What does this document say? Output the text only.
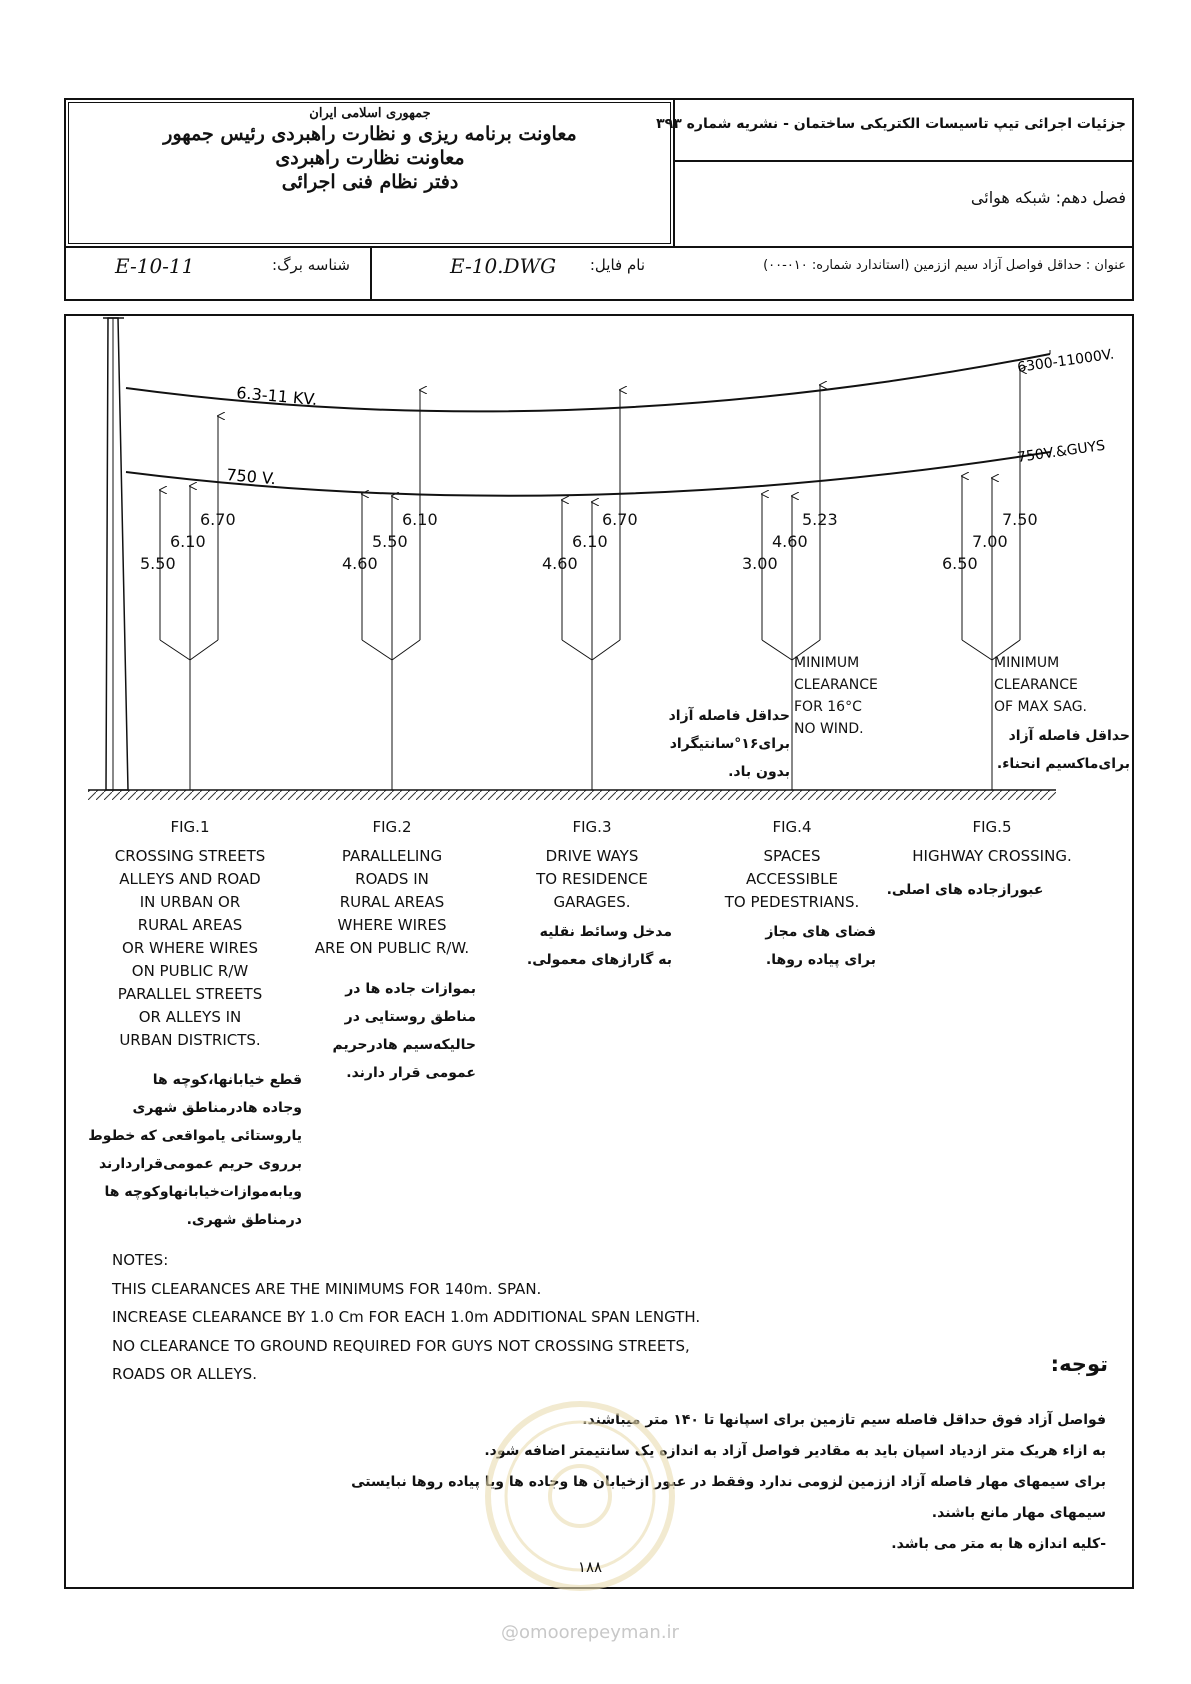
جمهوری اسلامی ایران
معاونت برنامه ریزی و نظارت راهبردی رئیس جمهور
معاونت نظارت راهبردی
دفتر نظام فنی اجرائی
جزئیات اجرائی تیپ تاسیسات الکتریکی ساختمان - نشریه شماره ۳۹۳
فصل دهم: شبکه هوائی
عنوان : حداقل فواصل آزاد سیم اززمین (استاندارد شماره: ۰۱۰-۰۰)
نام فایل:
E-10.DWG
شناسه برگ:
E-10-11
6.3-11 KV.
750 V.
6300-11000V.
750V.&GUYS
5.50
6.10
6.70
FIG.1
CROSSING STREETS
ALLEYS AND ROAD
IN URBAN OR
RURAL AREAS
OR WHERE WIRES
ON PUBLIC R/W
PARALLEL STREETS
OR ALLEYS IN
URBAN DISTRICTS.
4.60
5.50
6.10
FIG.2
PARALLELING
ROADS IN
RURAL AREAS
WHERE WIRES
ARE ON PUBLIC R/W.
4.60
6.10
6.70
FIG.3
DRIVE WAYS
TO RESIDENCE
GARAGES.
3.00
4.60
5.23
FIG.4
SPACES
ACCESSIBLE
TO PEDESTRIANS.
6.50
7.00
7.50
FIG.5
HIGHWAY CROSSING.
قطع خیابانها،کوچه ها
وجاده هادرمناطق شهری
یاروستائی یامواقعی که خطوط
برروی حریم عمومی‌قراردارند
ویابه‌موازات‌خیابانهاوکوچه ها
درمناطق شهری.
بموازات جاده ها در
مناطق روستایی در
حالیکه‌سیم هادرحریم
عمومی قرار دارند.
مدخل وسائط نقلیه
به گارازهای معمولی.
فضای های مجاز
برای پیاده روها.
MINIMUM
CLEARANCE
FOR 16°C
NO WIND.
حداقل فاصله آزاد
برای۱۶°سانتیگراد
بدون باد.
عبورازجاده های اصلی.
MINIMUM
CLEARANCE
OF MAX SAG.
حداقل فاصله آزاد
برای‌ماکسیم انحناء.
NOTES:
THIS CLEARANCES ARE THE MINIMUMS FOR 140m. SPAN.
INCREASE CLEARANCE BY 1.0 Cm FOR EACH 1.0m ADDITIONAL SPAN LENGTH.
NO CLEARANCE TO GROUND REQUIRED FOR GUYS NOT CROSSING STREETS,
ROADS OR ALLEYS.	توجه:
فواصل آزاد فوق حداقل فاصله سیم تازمین برای اسپانها تا ۱۴۰ متر میباشند.
به ازاء هریک متر ازدیاد اسپان باید به مقادیر فواصل آزاد به اندازه یک سانتیمتر اضافه شود.
برای سیمهای مهار فاصله آزاد اززمین لزومی ندارد وفقط در عبور ازخیابان ها وجاده ها ویا پیاده روها نبایستی
سیمهای مهار مانع باشند.
-کلیه اندازه ها به متر می باشد.
۱۸۸
@omoorepeyman.ir
